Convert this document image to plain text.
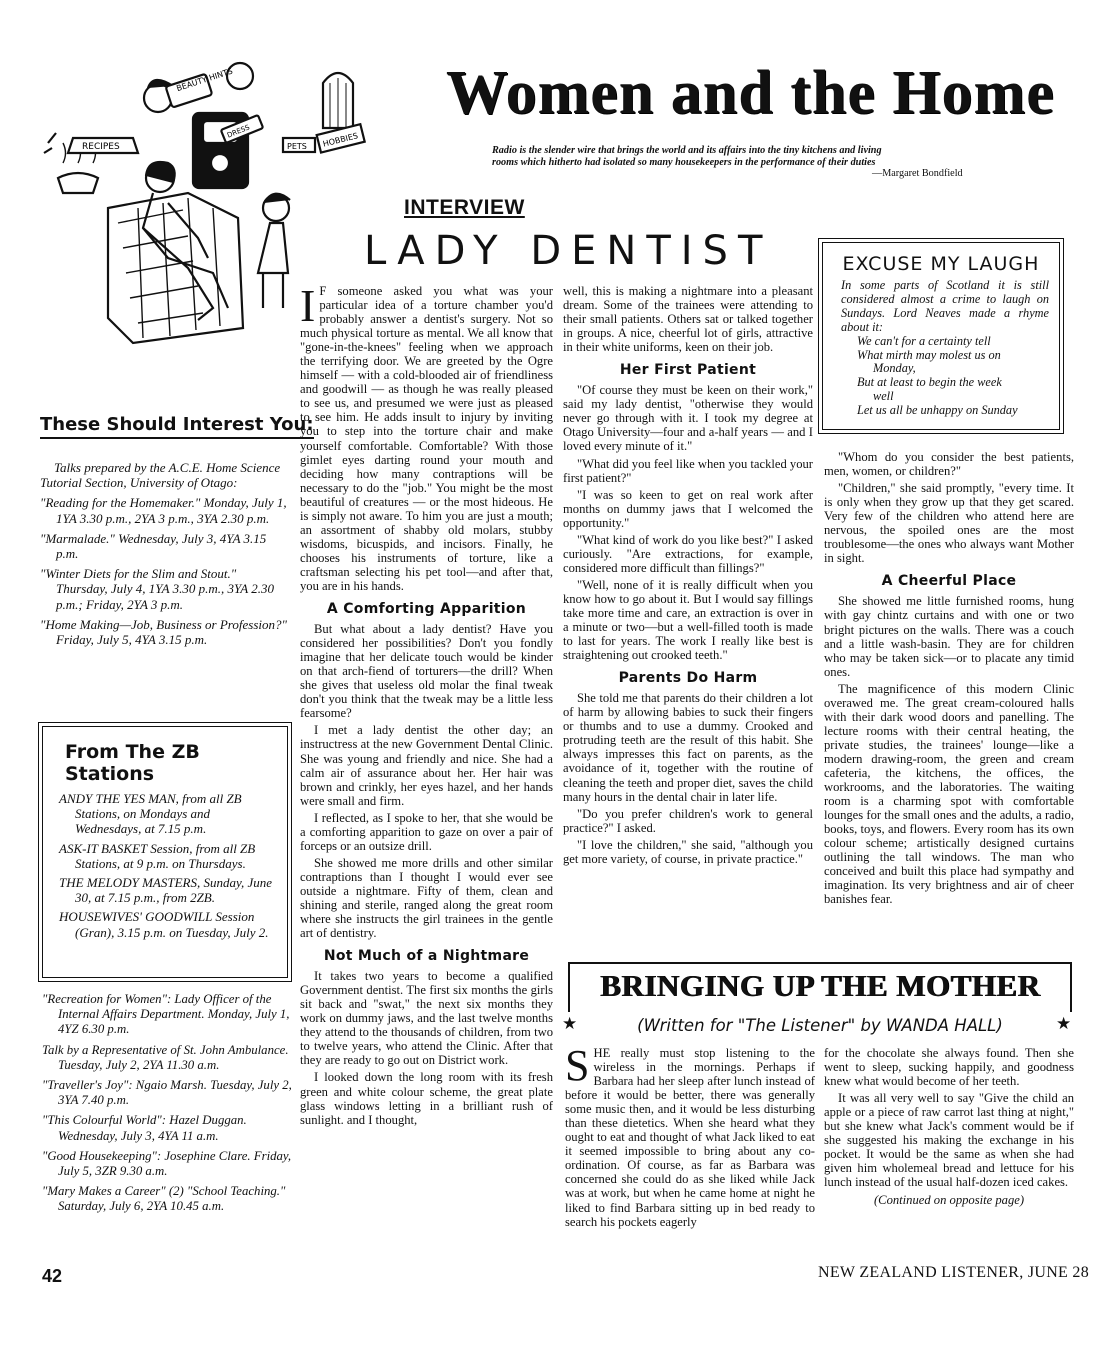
Women and the Home
Radio is the slender wire that brings the world and its affairs into the tiny kitchens and living
rooms which hitherto had isolated so many housekeepers in the performance of their duties
—Margaret Bondfield
BEAUTY HINTS
DRESS
RECIPES	PETS HOBBIES
INTERVIEW
LADY DENTIST
I F someone asked you what was your particular idea of a torture chamber you'd probably answer a dentist's surgery. Not so much physical torture as mental. We all know that "gone-in-the-knees" feeling when we approach the terrifying door. We are greeted by the Ogre himself — with a cold-blooded air of friendliness and goodwill — as though he was really pleased to see us, and presumed we were just as pleased to see him. He adds insult to injury by inviting you to step into the torture chair and make yourself comfortable. Comfortable? With those gimlet eyes darting round your mouth and deciding how many contraptions will be necessary to do the "job." You might be the most beautiful of creatures — or the most hideous. He is simply not aware. To him you are just a mouth; an assortment of shabby old molars, stubby wisdoms, bicuspids, and incisors. Finally, he chooses his instruments of torture, like a craftsman selecting his pet tool—and after that, you are in his hands.

A Comforting Apparition

But what about a lady dentist? Have you considered her possibilities? Don't you fondly imagine that her delicate touch would be kinder on that arch-fiend of torturers—the drill? When she gives that useless old molar the final tweak don't you think that the tweak may be a little less fearsome?

I met a lady dentist the other day; an instructress at the new Government Dental Clinic. She was young and friendly and nice. She had a calm air of assurance about her. Her hair was brown and crinkly, her eyes hazel, and her hands were small and firm.

I reflected, as I spoke to her, that she would be a comforting apparition to gaze on over a pair of forceps or an outsize drill.

She showed me more drills and other similar contraptions than I thought I would ever see outside a nightmare. Fifty of them, clean and shining and sterile, ranged along the great room where she instructs the girl trainees in the gentle art of dentistry.

Not Much of a Nightmare

It takes two years to become a qualified Government dentist. The first six months the girls sit back and "swat," the next six months they work on dummy jaws, and the last twelve months they attend to the thousands of children, from two to twelve years, who attend the Clinic. After that they are ready to go out on District work.

I looked down the long room with its fresh green and white colour scheme, the great plate glass windows letting in a brilliant rush of sunlight. and I thought,

well, this is making a nightmare into a pleasant dream. Some of the trainees were attending to their small patients. Others sat or talked together in groups. A nice, cheerful lot of girls, attractive in their white uniforms, keen on their job.

Her First Patient

"Of course they must be keen on their work," said my lady dentist, "otherwise they would never go through with it. I took my degree at Otago University—four and a-half years — and I loved every minute of it."

"What did you feel like when you tackled your first patient?"

"I was so keen to get on real work after months on dummy jaws that I welcomed the opportunity."

"What kind of work do you like best?" I asked curiously. "Are extractions, for example, considered more difficult than fillings?"

"Well, none of it is really difficult when you know how to go about it. But I would say fillings take more time and care, an extraction is over in a minute or two—but a well-filled tooth is made to last for years. The work I really like best is straightening out crooked teeth."

Parents Do Harm

She told me that parents do their children a lot of harm by allowing babies to suck their fingers or thumbs and to use a dummy. Crooked and protruding teeth are the result of this habit. She always impresses this fact on parents, as the avoidance of it, together with the routine of cleaning the teeth and proper diet, saves the child many hours in the dental chair in later life.

"Do you prefer children's work to general practice?" I asked.

"I love the children," she said, "although you get more variety, of course, in private practice."

EXCUSE MY LAUGH
In some parts of Scotland it is still considered almost a crime to laugh on Sundays. Lord Neaves made a rhyme about it:
We can't for a certainty tell
What mirth may molest us on
Monday,
But at least to begin the week
well
Let us all be unhappy on Sunday

"Whom do you consider the best patients, men, women, or children?"

"Children," she said promptly, "every time. It is only when they grow up that they get scared. Very few of the children who attend here are nervous, the spoiled ones are the most troublesome—the ones who always want Mother in sight.

A Cheerful Place

She showed me little furnished rooms, hung with gay chintz curtains and with one or two bright pictures on the walls. There was a couch and a little wash-basin. They are for children who may be taken sick—or to placate any timid ones.

The magnificence of this modern Clinic overawed me. The great cream-coloured halls with their dark wood doors and panelling. The lecture rooms with their central heating, the private studies, the trainees' lounge—like a modern drawing-room, the green and cream cafeteria, the kitchens, the offices, the workrooms, and the laboratories. The waiting room is a charming spot with comfortable lounges for the small ones and the adults, a radio, books, toys, and flowers. Every room has its own colour scheme; artistically designed curtains outlining the tall windows. The man who conceived and built this place had sympathy and imagination. Its very brightness and air of cheer banishes fear.

These Should Interest You:

Talks prepared by the A.C.E. Home Science Tutorial Section, University of Otago:

"Reading for the Homemaker." Monday, July 1, 1YA 3.30 p.m., 2YA 3 p.m., 3YA 2.30 p.m.

"Marmalade." Wednesday, July 3, 4YA 3.15 p.m.

"Winter Diets for the Slim and Stout." Thursday, July 4, 1YA 3.30 p.m., 3YA 2.30 p.m.; Friday, 2YA 3 p.m.

"Home Making—Job, Business or Profession?" Friday, July 5, 4YA 3.15 p.m.

From The ZB Stations

ANDY THE YES MAN, from all ZB Stations, on Mondays and Wednesdays, at 7.15 p.m.

ASK-IT BASKET Session, from all ZB Stations, at 9 p.m. on Thursdays.

THE MELODY MASTERS, Sunday, June 30, at 7.15 p.m., from 2ZB.

HOUSEWIVES' GOODWILL Session (Gran), 3.15 p.m. on Tuesday, July 2.

"Recreation for Women": Lady Officer of the Internal Affairs Department. Monday, July 1, 4YZ 6.30 p.m.

Talk by a Representative of St. John Ambulance. Tuesday, July 2, 2YA 11.30 a.m.

"Traveller's Joy": Ngaio Marsh. Tuesday, July 2, 3YA 7.40 p.m.

"This Colourful World": Hazel Duggan. Wednesday, July 3, 4YA 11 a.m.

"Good Housekeeping": Josephine Clare. Friday, July 5, 3ZR 9.30 a.m.

"Mary Makes a Career" (2) "School Teaching." Saturday, July 6, 2YA 10.45 a.m.

BRINGING UP THE MOTHER
★	★
(Written for "The Listener" by WANDA HALL)
S HE really must stop listening to the wireless in the mornings. Perhaps if Barbara had her sleep after lunch instead of before it would be better, there was generally some music then, and it would be less disturbing than these dietetics. When she heard what they ought to eat and thought of what Jack liked to eat it seemed impossible to bring about any co-ordination. Of course, as far as Barbara was concerned she could do as she liked while Jack was at work, but when he came home at night he liked to find Barbara sitting up in bed ready to search his pockets eagerly

for the chocolate she always found. Then she went to sleep, sucking happily, and goodness knew what would become of her teeth.

It was all very well to say "Give the child an apple or a piece of raw carrot last thing at night," but she knew what Jack's comment would be if she suggested his making the exchange in his pocket. It would be the same as when she had given him wholemeal bread and lettuce for his lunch instead of the usual half-dozen iced cakes.

(Continued on opposite page)
42	NEW ZEALAND LISTENER, JUNE 28
